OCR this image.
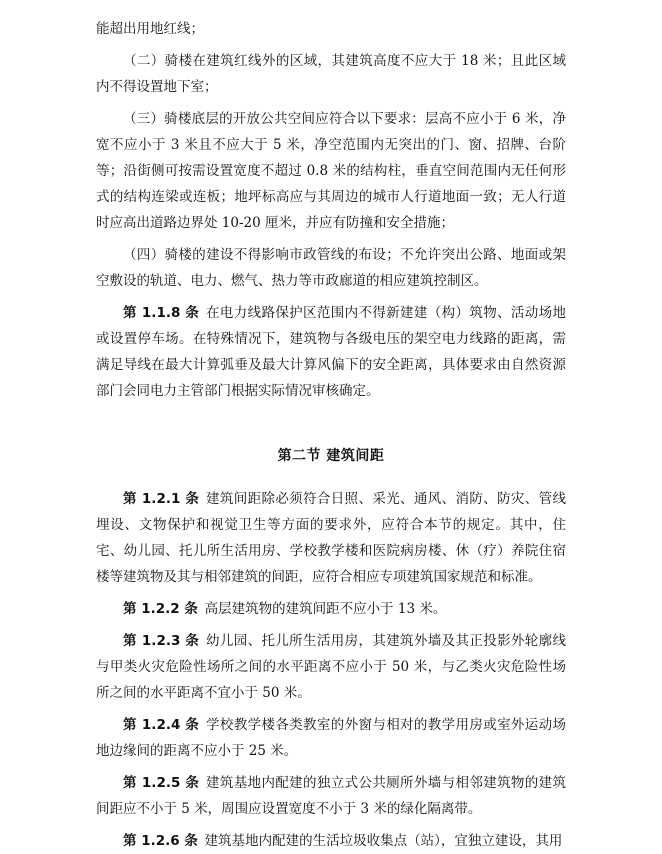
能超出用地红线；

（二）骑楼在建筑红线外的区域，其建筑高度不应大于 18 米；且此区域内不得设置地下室；

（三）骑楼底层的开放公共空间应符合以下要求：层高不应小于 6 米，净宽不应小于 3 米且不应大于 5 米，净空范围内无突出的门、窗、招牌、台阶等；沿街侧可按需设置宽度不超过 0.8 米的结构柱，垂直空间范围内无任何形式的结构连梁或连板；地坪标高应与其周边的城市人行道地面一致；无人行道时应高出道路边界处 10-20 厘米，并应有防撞和安全措施；

（四）骑楼的建设不得影响市政管线的布设；不允许突出公路、地面或架空敷设的轨道、电力、燃气、热力等市政廊道的相应建筑控制区。

第 1.1.8 条 在电力线路保护区范围内不得新建建（构）筑物、活动场地或设置停车场。在特殊情况下，建筑物与各级电压的架空电力线路的距离，需满足导线在最大计算弧垂及最大计算风偏下的安全距离，具体要求由自然资源部门会同电力主管部门根据实际情况审核确定。

第二节 建筑间距

第 1.2.1 条 建筑间距除必须符合日照、采光、通风、消防、防灾、管线埋设、文物保护和视觉卫生等方面的要求外，应符合本节的规定。其中，住宅、幼儿园、托儿所生活用房、学校教学楼和医院病房楼、休（疗）养院住宿楼等建筑物及其与相邻建筑的间距，应符合相应专项建筑国家规范和标准。

第 1.2.2 条 高层建筑物的建筑间距不应小于 13 米。

第 1.2.3 条 幼儿园、托儿所生活用房，其建筑外墙及其正投影外轮廓线与甲类火灾危险性场所之间的水平距离不应小于 50 米，与乙类火灾危险性场所之间的水平距离不宜小于 50 米。

第 1.2.4 条 学校教学楼各类教室的外窗与相对的教学用房或室外运动场地边缘间的距离不应小于 25 米。

第 1.2.5 条 建筑基地内配建的独立式公共厕所外墙与相邻建筑物的建筑间距应不小于 5 米，周围应设置宽度不小于 3 米的绿化隔离带。

第 1.2.6 条 建筑基地内配建的生活垃圾收集点（站），宜独立建设，其用
